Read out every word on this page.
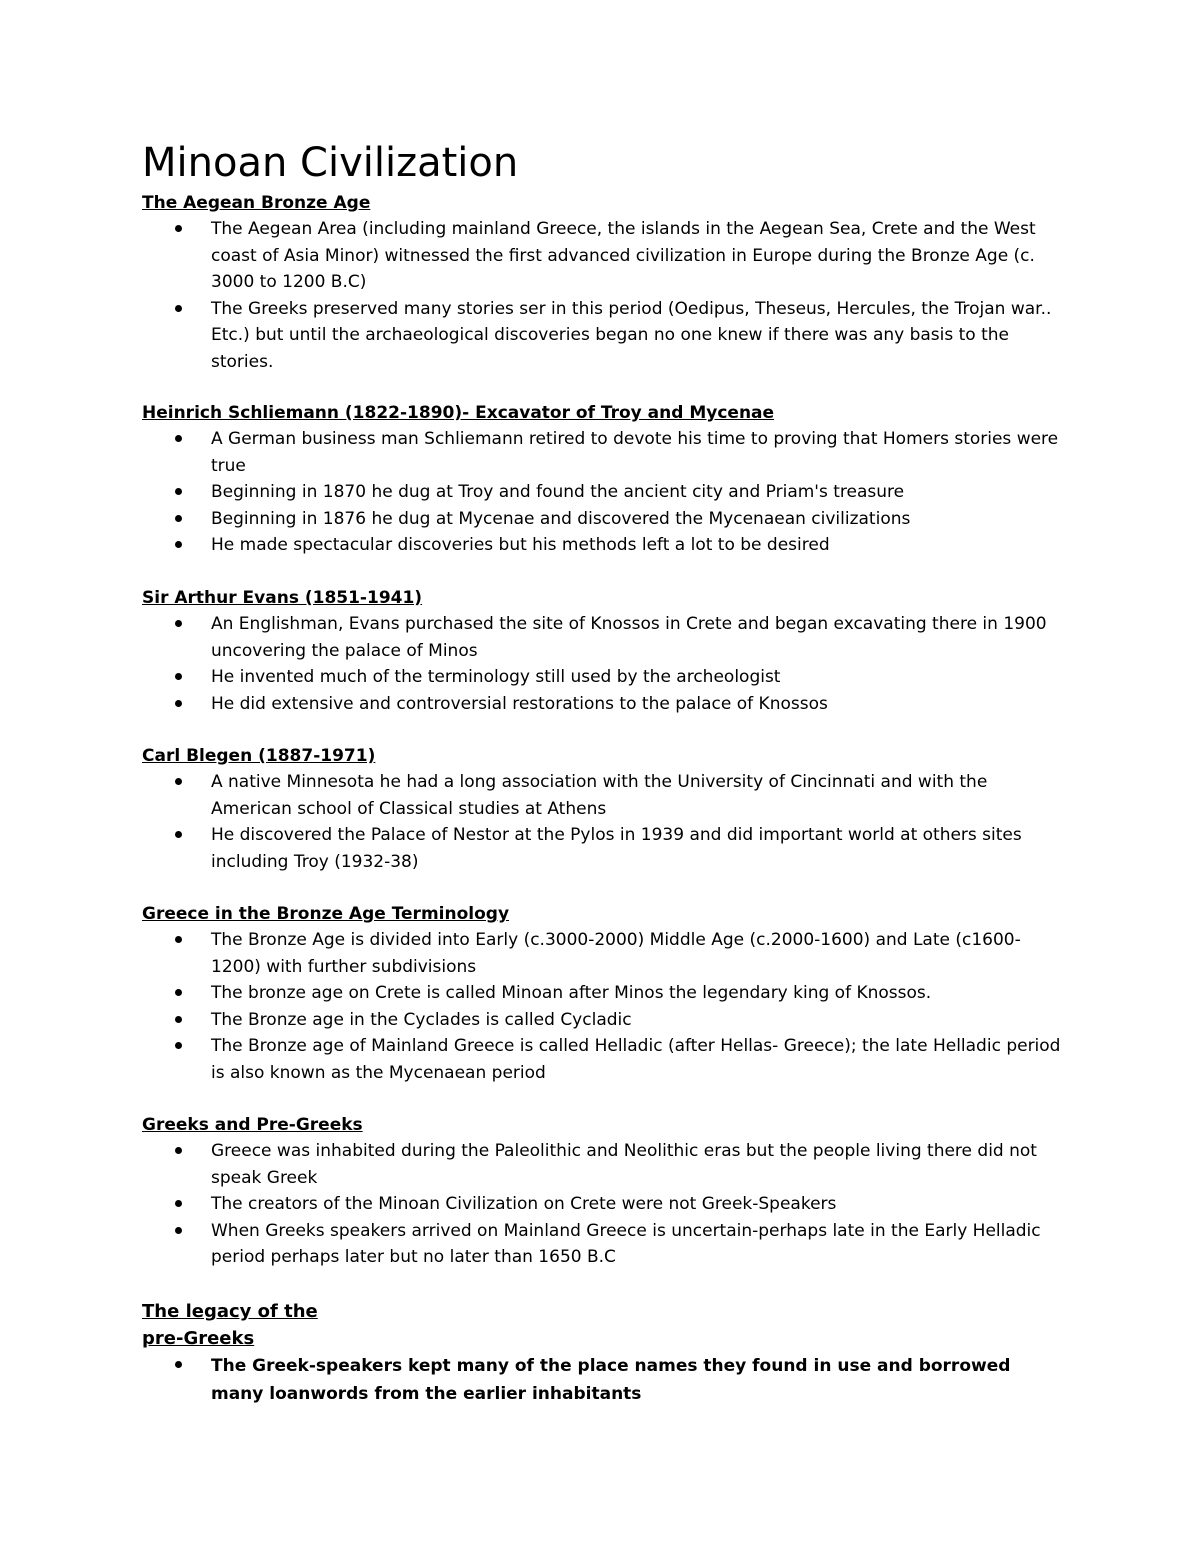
Minoan Civilization
The Aegean Bronze Age
The Aegean Area (including mainland Greece, the islands in the Aegean Sea, Crete and the West coast of Asia Minor) witnessed the first advanced civilization in Europe during the Bronze Age (c. 3000 to 1200 B.C)
The Greeks preserved many stories ser in this period (Oedipus, Theseus, Hercules, the Trojan war.. Etc.) but until the archaeological discoveries began no one knew if there was any basis to the stories.
Heinrich Schliemann (1822-1890)- Excavator of Troy and Mycenae
A German business man Schliemann retired to devote his time to proving that Homers stories were true
Beginning in 1870 he dug at Troy and found the ancient city and Priam's treasure
Beginning in 1876 he dug at Mycenae and discovered the Mycenaean civilizations
He made spectacular discoveries but his methods left a lot to be desired
Sir Arthur Evans (1851-1941)
An Englishman, Evans purchased the site of Knossos in Crete and began excavating there in 1900 uncovering the palace of Minos
He invented much of the terminology still used by the archeologist
He did extensive and controversial restorations to the palace of Knossos
Carl Blegen (1887-1971)
A native Minnesota he had a long association with the University of Cincinnati and with the American school of Classical studies at Athens
He discovered the Palace of Nestor at the Pylos in 1939 and did important world at others sites including Troy (1932-38)
Greece in the Bronze Age Terminology
The Bronze Age is divided into Early (c.3000-2000) Middle Age (c.2000-1600) and Late (c1600-1200) with further subdivisions
The bronze age on Crete is called Minoan after Minos the legendary king of Knossos.
The Bronze age in the Cyclades is called Cycladic
The Bronze age of Mainland Greece is called Helladic (after Hellas- Greece); the late Helladic period is also known as the Mycenaean period
Greeks and Pre-Greeks
Greece was inhabited during the Paleolithic and Neolithic eras but the people living there did not speak Greek
The creators of the Minoan Civilization on Crete were not Greek-Speakers
When Greeks speakers arrived on Mainland Greece is uncertain-perhaps late in the Early Helladic period perhaps later but no later than 1650 B.C
The legacy of the pre-Greeks
The Greek-speakers kept many of the place names they found in use and borrowed many loanwords from the earlier inhabitants
